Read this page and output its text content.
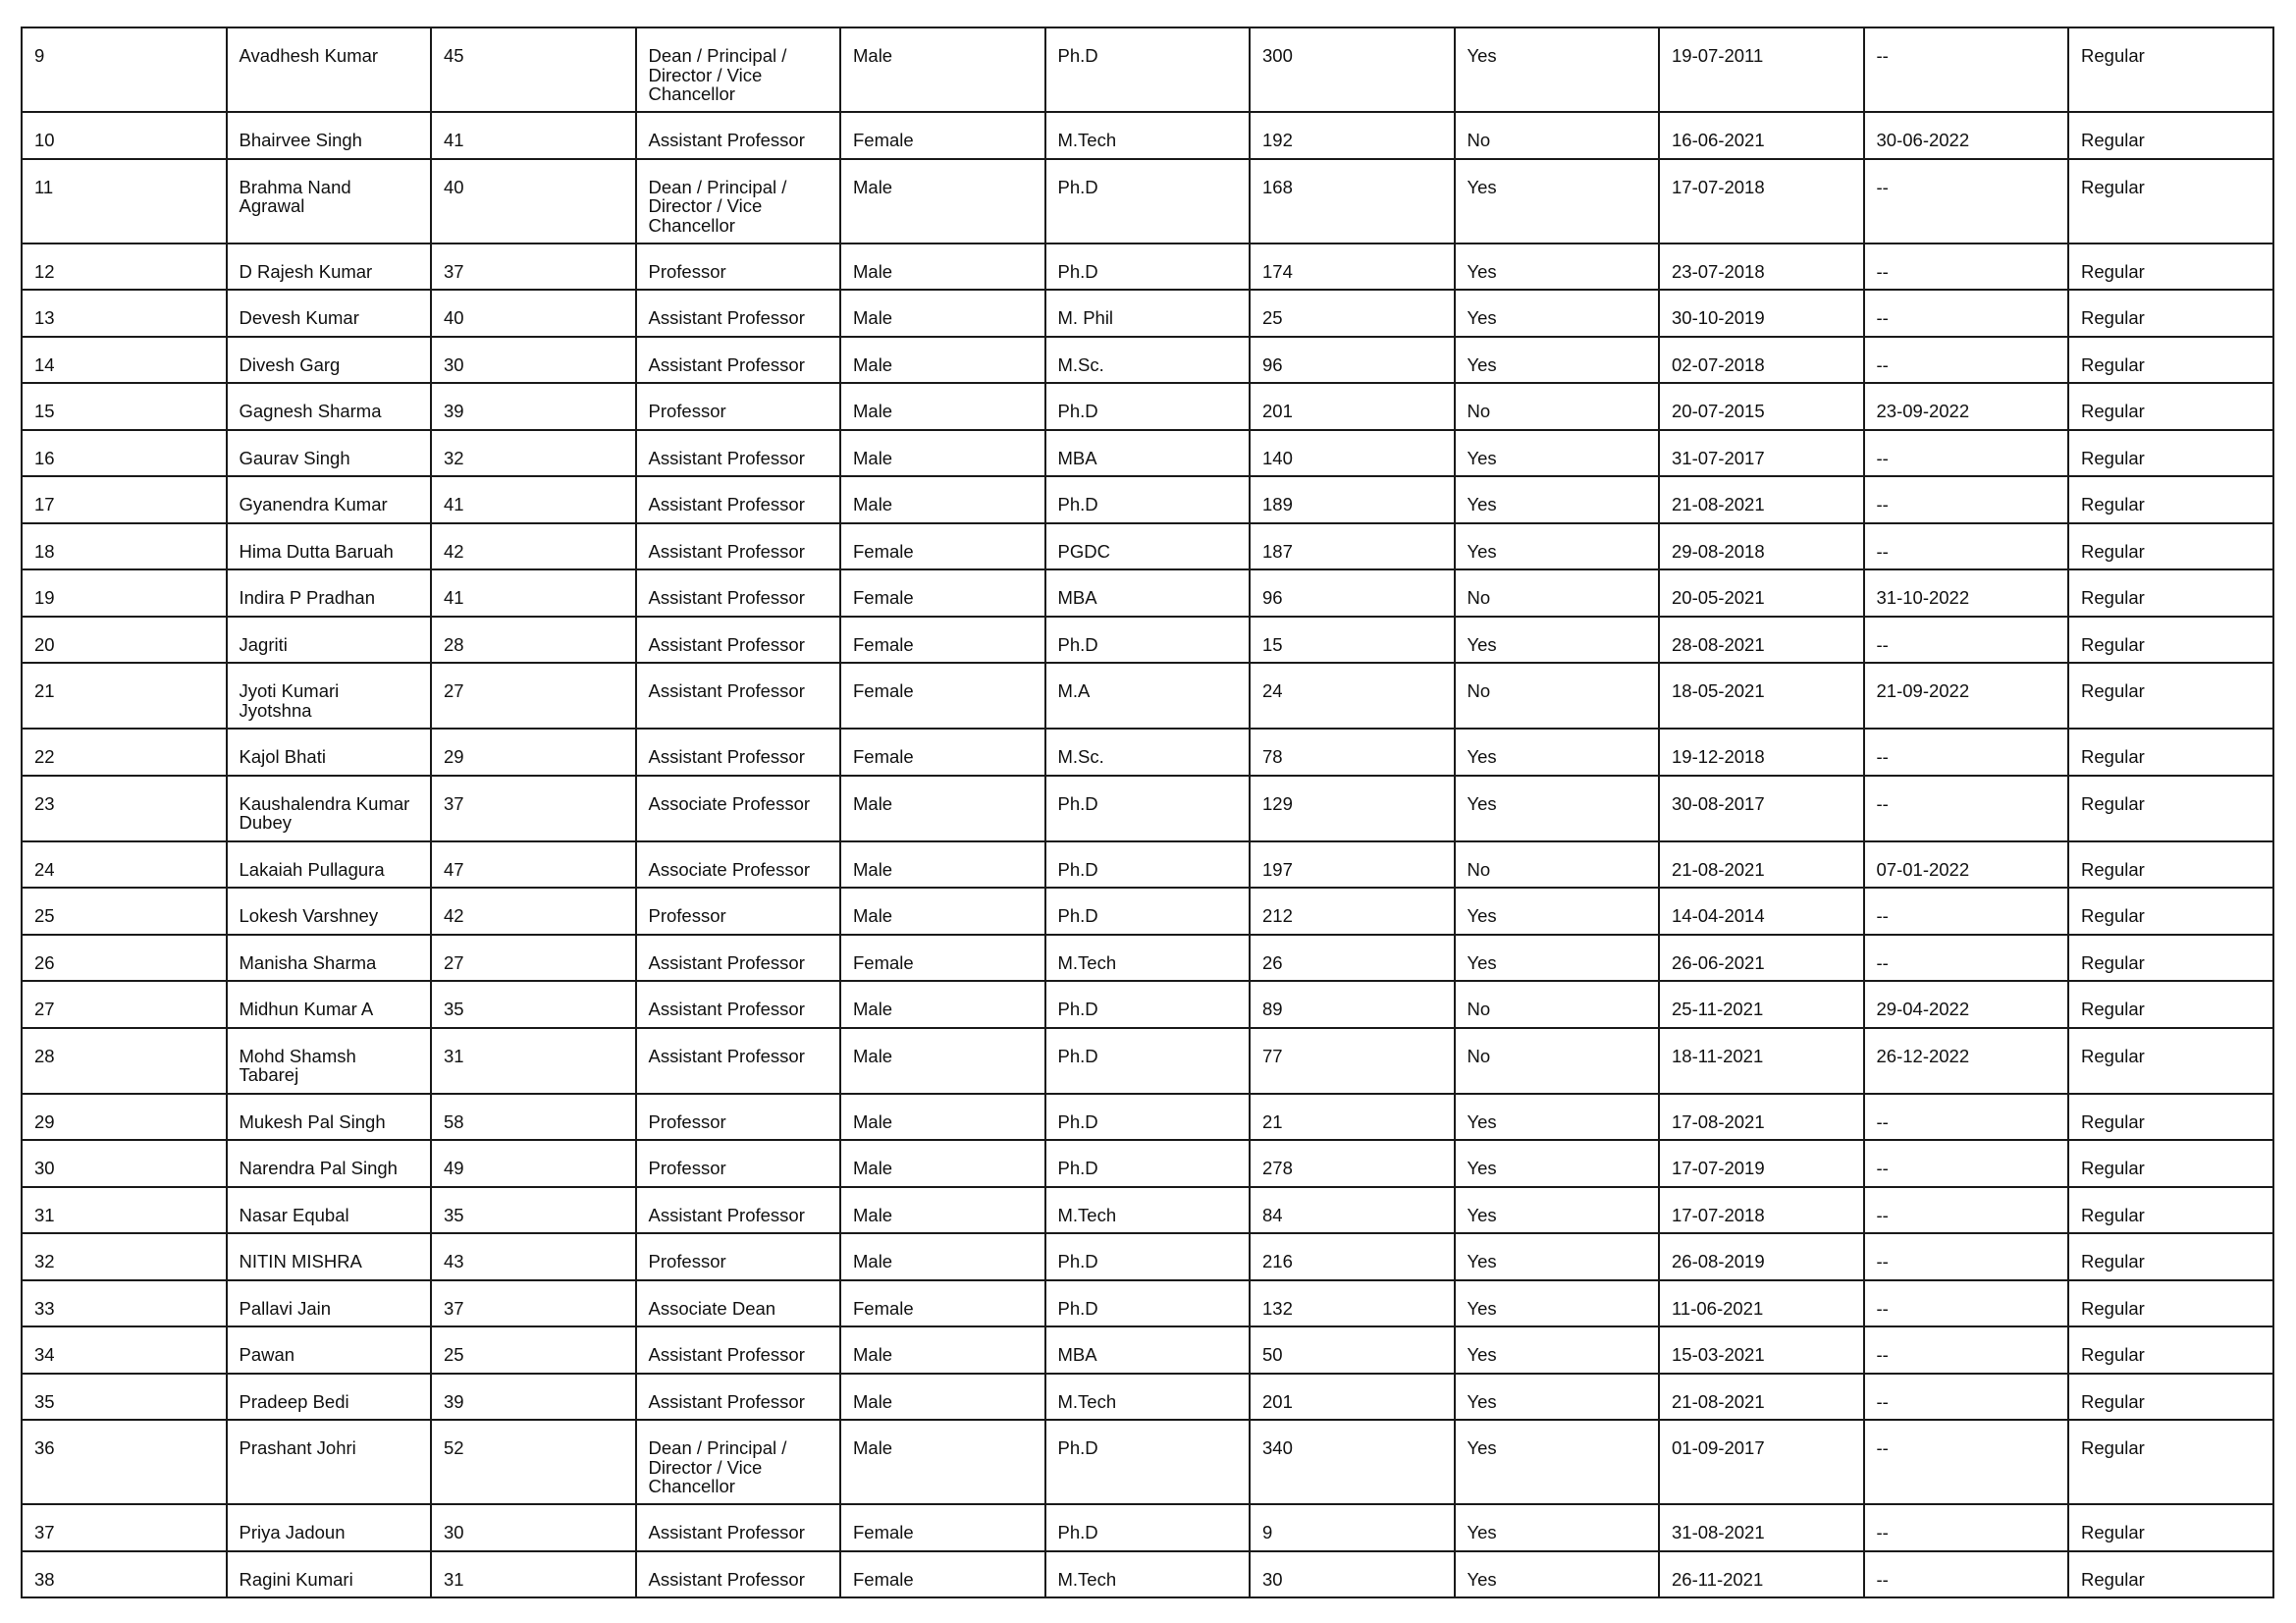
9	Avadhesh Kumar	45	Dean / Principal / Director / Vice Chancellor	Male	Ph.D	300	Yes	19-07-2011	--	Regular
10	Bhairvee Singh	41	Assistant Professor	Female	M.Tech	192	No	16-06-2021	30-06-2022	Regular
11	Brahma Nand Agrawal	40	Dean / Principal / Director / Vice Chancellor	Male	Ph.D	168	Yes	17-07-2018	--	Regular
12	D Rajesh Kumar	37	Professor	Male	Ph.D	174	Yes	23-07-2018	--	Regular
13	Devesh Kumar	40	Assistant Professor	Male	M. Phil	25	Yes	30-10-2019	--	Regular
14	Divesh Garg	30	Assistant Professor	Male	M.Sc.	96	Yes	02-07-2018	--	Regular
15	Gagnesh Sharma	39	Professor	Male	Ph.D	201	No	20-07-2015	23-09-2022	Regular
16	Gaurav Singh	32	Assistant Professor	Male	MBA	140	Yes	31-07-2017	--	Regular
17	Gyanendra Kumar	41	Assistant Professor	Male	Ph.D	189	Yes	21-08-2021	--	Regular
18	Hima Dutta Baruah	42	Assistant Professor	Female	PGDC	187	Yes	29-08-2018	--	Regular
19	Indira P Pradhan	41	Assistant Professor	Female	MBA	96	No	20-05-2021	31-10-2022	Regular
20	Jagriti	28	Assistant Professor	Female	Ph.D	15	Yes	28-08-2021	--	Regular
21	Jyoti Kumari Jyotshna	27	Assistant Professor	Female	M.A	24	No	18-05-2021	21-09-2022	Regular
22	Kajol Bhati	29	Assistant Professor	Female	M.Sc.	78	Yes	19-12-2018	--	Regular
23	Kaushalendra Kumar Dubey	37	Associate Professor	Male	Ph.D	129	Yes	30-08-2017	--	Regular
24	Lakaiah Pullagura	47	Associate Professor	Male	Ph.D	197	No	21-08-2021	07-01-2022	Regular
25	Lokesh Varshney	42	Professor	Male	Ph.D	212	Yes	14-04-2014	--	Regular
26	Manisha Sharma	27	Assistant Professor	Female	M.Tech	26	Yes	26-06-2021	--	Regular
27	Midhun Kumar A	35	Assistant Professor	Male	Ph.D	89	No	25-11-2021	29-04-2022	Regular
28	Mohd Shamsh Tabarej	31	Assistant Professor	Male	Ph.D	77	No	18-11-2021	26-12-2022	Regular
29	Mukesh Pal Singh	58	Professor	Male	Ph.D	21	Yes	17-08-2021	--	Regular
30	Narendra Pal Singh	49	Professor	Male	Ph.D	278	Yes	17-07-2019	--	Regular
31	Nasar Equbal	35	Assistant Professor	Male	M.Tech	84	Yes	17-07-2018	--	Regular
32	NITIN MISHRA	43	Professor	Male	Ph.D	216	Yes	26-08-2019	--	Regular
33	Pallavi Jain	37	Associate Dean	Female	Ph.D	132	Yes	11-06-2021	--	Regular
34	Pawan	25	Assistant Professor	Male	MBA	50	Yes	15-03-2021	--	Regular
35	Pradeep Bedi	39	Assistant Professor	Male	M.Tech	201	Yes	21-08-2021	--	Regular
36	Prashant Johri	52	Dean / Principal / Director / Vice Chancellor	Male	Ph.D	340	Yes	01-09-2017	--	Regular
37	Priya Jadoun	30	Assistant Professor	Female	Ph.D	9	Yes	31-08-2021	--	Regular
38	Ragini Kumari	31	Assistant Professor	Female	M.Tech	30	Yes	26-11-2021	--	Regular
